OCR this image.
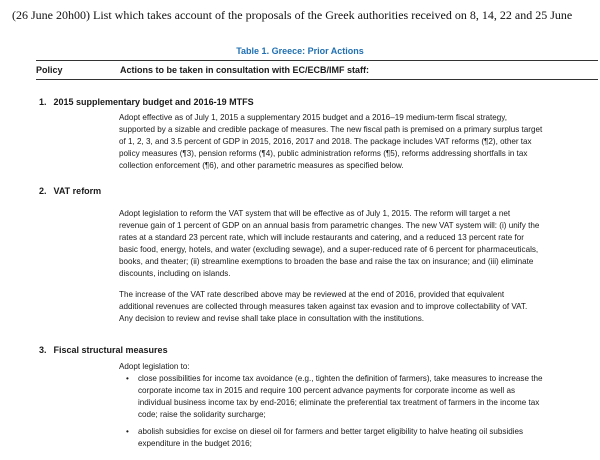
(26 June 20h00) List which takes account of the proposals of the Greek authorities received on 8, 14, 22 and 25 June
Table 1. Greece: Prior Actions
Policy	Actions to be taken in consultation with EC/ECB/IMF staff:
1. 2015 supplementary budget and 2016-19 MTFS
Adopt effective as of July 1, 2015 a supplementary 2015 budget and a 2016–19 medium-term fiscal strategy,
supported by a sizable and credible package of measures. The new fiscal path is premised on a primary surplus target
of 1, 2, 3, and 3.5 percent of GDP in 2015, 2016, 2017 and 2018. The package includes VAT reforms (¶2), other tax
policy measures (¶3), pension reforms (¶4), public administration reforms (¶5), reforms addressing shortfalls in tax
collection enforcement (¶6), and other parametric measures as specified below.
2. VAT reform
Adopt legislation to reform the VAT system that will be effective as of July 1, 2015. The reform will target a net
revenue gain of 1 percent of GDP on an annual basis from parametric changes. The new VAT system will: (i) unify the
rates at a standard 23 percent rate, which will include restaurants and catering, and a reduced 13 percent rate for
basic food, energy, hotels, and water (excluding sewage), and a super-reduced rate of 6 percent for pharmaceuticals,
books, and theater; (ii) streamline exemptions to broaden the base and raise the tax on insurance; and (iii) eliminate
discounts, including on islands.
The increase of the VAT rate described above may be reviewed at the end of 2016, provided that equivalent
additional revenues are collected through measures taken against tax evasion and to improve collectability of VAT.
Any decision to review and revise shall take place in consultation with the institutions.
3. Fiscal structural measures
Adopt legislation to:
• close possibilities for income tax avoidance (e.g., tighten the definition of farmers), take measures to increase the
corporate income tax in 2015 and require 100 percent advance payments for corporate income as well as
individual business income tax by end-2016; eliminate the preferential tax treatment of farmers in the income tax
code; raise the solidarity surcharge;
• abolish subsidies for excise on diesel oil for farmers and better target eligibility to halve heating oil subsidies
expenditure in the budget 2016;
